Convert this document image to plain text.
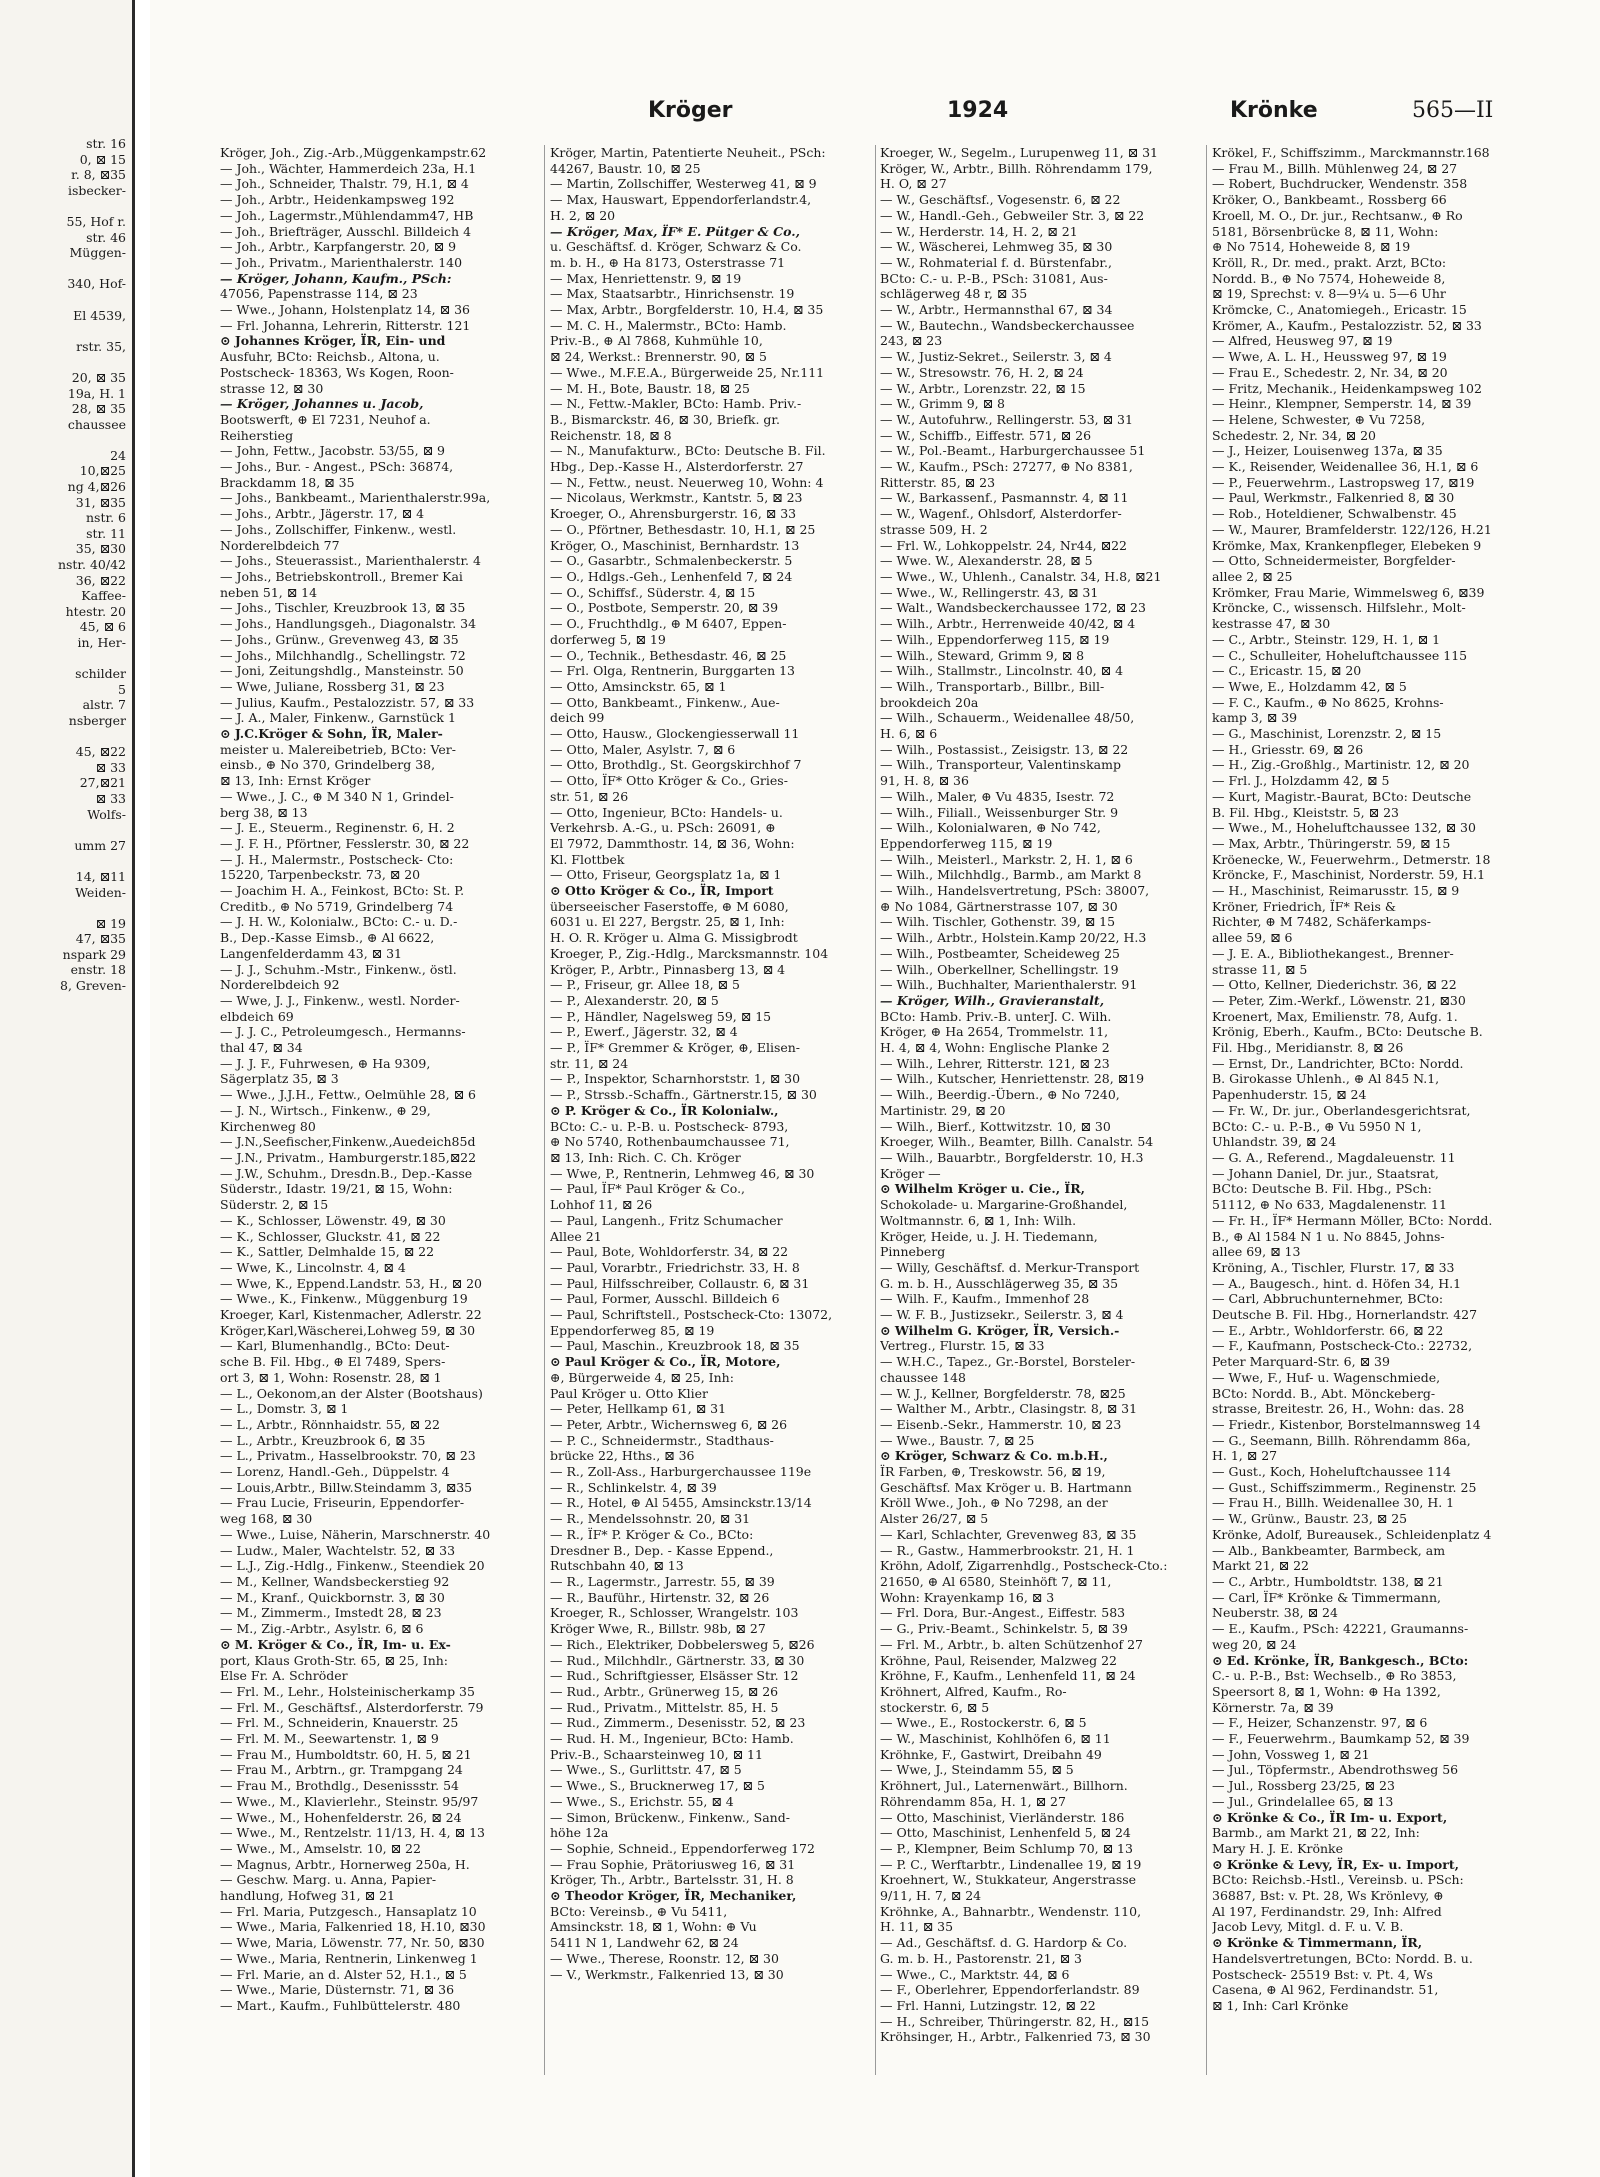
str. 16
0, ⊠ 15
r. 8, ⊠35
isbecker-

55, Hof r.
str. 46
Müggen-

340, Hof-

El 4539,

rstr. 35,

20, ⊠ 35
19a, H. 1
28, ⊠ 35
chaussee

24
10,⊠25
ng 4,⊠26
31, ⊠35
nstr. 6
str. 11
35, ⊠30
nstr. 40/42
36, ⊠22
Kaffee-
htestr. 20
45, ⊠ 6
in, Her-

schilder
5
alstr. 7
nsberger

45, ⊠22
⊠ 33
27,⊠21
⊠ 33
Wolfs-

umm 27

14, ⊠11
Weiden-

⊠ 19
47, ⊠35
nspark 29
enstr. 18
8, Greven-
Kröger	1924	Krönke	565—II
Kröger, Joh., Zig.-Arb.,Müggenkampstr.62
— Joh., Wächter, Hammerdeich 23a, H.1
— Joh., Schneider, Thalstr. 79, H.1, ⊠ 4
— Joh., Arbtr., Heidenkampsweg 192
— Joh., Lagermstr.,Mühlendamm47, HB
— Joh., Briefträger, Ausschl. Billdeich 4
— Joh., Arbtr., Karpfangerstr. 20, ⊠ 9
— Joh., Privatm., Marienthalerstr. 140
— Kröger, Johann, Kaufm., PSch:
47056, Papenstrasse 114, ⊠ 23
— Wwe., Johann, Holstenplatz 14, ⊠ 36
— Frl. Johanna, Lehrerin, Ritterstr. 121
⊙ Johannes Kröger, ÏR, Ein- und
Ausfuhr, BCto: Reichsb., Altona, u.
Postscheck- 18363, Ws Kogen, Roon-
strasse 12, ⊠ 30
— Kröger, Johannes u. Jacob,
Bootswerft, ⊕ El 7231, Neuhof a.
Reiherstieg
— John, Fettw., Jacobstr. 53/55, ⊠ 9
— Johs., Bur. - Angest., PSch: 36874,
Brackdamm 18, ⊠ 35
— Johs., Bankbeamt., Marienthalerstr.99a,
— Johs., Arbtr., Jägerstr. 17, ⊠ 4
— Johs., Zollschiffer, Finkenw., westl.
Norderelbdeich 77
— Johs., Steuerassist., Marienthalerstr. 4
— Johs., Betriebskontroll., Bremer Kai
neben 51, ⊠ 14
— Johs., Tischler, Kreuzbrook 13, ⊠ 35
— Johs., Handlungsgeh., Diagonalstr. 34
— Johs., Grünw., Grevenweg 43, ⊠ 35
— Johs., Milchhandlg., Schellingstr. 72
— Joni, Zeitungshdlg., Mansteinstr. 50
— Wwe, Juliane, Rossberg 31, ⊠ 23
— Julius, Kaufm., Pestalozzistr. 57, ⊠ 33
— J. A., Maler, Finkenw., Garnstück 1
⊙ J.C.Kröger & Sohn, ÏR, Maler-
meister u. Malereibetrieb, BCto: Ver-
einsb., ⊕ No 370, Grindelberg 38,
⊠ 13, Inh: Ernst Kröger
— Wwe., J. C., ⊕ M 340 N 1, Grindel-
berg 38, ⊠ 13
— J. E., Steuerm., Reginenstr. 6, H. 2
— J. F. H., Pförtner, Fesslerstr. 30, ⊠ 22
— J. H., Malermstr., Postscheck- Cto:
15220, Tarpenbeckstr. 73, ⊠ 20
— Joachim H. A., Feinkost, BCto: St. P.
Creditb., ⊕ No 5719, Grindelberg 74
— J. H. W., Kolonialw., BCto: C.- u. D.-
B., Dep.-Kasse Eimsb., ⊕ Al 6622,
Langenfelderdamm 43, ⊠ 31
— J. J., Schuhm.-Mstr., Finkenw., östl.
Norderelbdeich 92
— Wwe, J. J., Finkenw., westl. Norder-
elbdeich 69
— J. J. C., Petroleumgesch., Hermanns-
thal 47, ⊠ 34
— J. J. F., Fuhrwesen, ⊕ Ha 9309,
Sägerplatz 35, ⊠ 3
— Wwe., J.J.H., Fettw., Oelmühle 28, ⊠ 6
— J. N., Wirtsch., Finkenw., ⊕ 29,
Kirchenweg 80
— J.N.,Seefischer,Finkenw.,Auedeich85d
— J.N., Privatm., Hamburgerstr.185,⊠22
— J.W., Schuhm., Dresdn.B., Dep.-Kasse
Süderstr., Idastr. 19/21, ⊠ 15, Wohn:
Süderstr. 2, ⊠ 15
— K., Schlosser, Löwenstr. 49, ⊠ 30
— K., Schlosser, Gluckstr. 41, ⊠ 22
— K., Sattler, Delmhalde 15, ⊠ 22
— Wwe, K., Lincolnstr. 4, ⊠ 4
— Wwe, K., Eppend.Landstr. 53, H., ⊠ 20
— Wwe., K., Finkenw., Müggenburg 19
Kroeger, Karl, Kistenmacher, Adlerstr. 22
Kröger,Karl,Wäscherei,Lohweg 59, ⊠ 30
— Karl, Blumenhandlg., BCto: Deut-
sche B. Fil. Hbg., ⊕ El 7489, Spers-
ort 3, ⊠ 1, Wohn: Rosenstr. 28, ⊠ 1
— L., Oekonom,an der Alster (Bootshaus)
— L., Domstr. 3, ⊠ 1
— L., Arbtr., Rönnhaidstr. 55, ⊠ 22
— L., Arbtr., Kreuzbrook 6, ⊠ 35
— L., Privatm., Hasselbrookstr. 70, ⊠ 23
— Lorenz, Handl.-Geh., Düppelstr. 4
— Louis,Arbtr., Billw.Steindamm 3, ⊠35
— Frau Lucie, Friseurin, Eppendorfer-
weg 168, ⊠ 30
— Wwe., Luise, Näherin, Marschnerstr. 40
— Ludw., Maler, Wachtelstr. 52, ⊠ 33
— L.J., Zig.-Hdlg., Finkenw., Steendiek 20
— M., Kellner, Wandsbeckerstieg 92
— M., Kranf., Quickbornstr. 3, ⊠ 30
— M., Zimmerm., Imstedt 28, ⊠ 23
— M., Zig.-Arbtr., Asylstr. 6, ⊠ 6
⊙ M. Kröger & Co., ÏR, Im- u. Ex-
port, Klaus Groth-Str. 65, ⊠ 25, Inh:
Else Fr. A. Schröder
— Frl. M., Lehr., Holsteinischerkamp 35
— Frl. M., Geschäftsf., Alsterdorferstr. 79
— Frl. M., Schneiderin, Knauerstr. 25
— Frl. M. M., Seewartenstr. 1, ⊠ 9
— Frau M., Humboldtstr. 60, H. 5, ⊠ 21
— Frau M., Arbtrn., gr. Trampgang 24
— Frau M., Brothdlg., Desenissstr. 54
— Wwe., M., Klavierlehr., Steinstr. 95/97
— Wwe., M., Hohenfelderstr. 26, ⊠ 24
— Wwe., M., Rentzelstr. 11/13, H. 4, ⊠ 13
— Wwe., M., Amselstr. 10, ⊠ 22
— Magnus, Arbtr., Hornerweg 250a, H.
— Geschw. Marg. u. Anna, Papier-
handlung, Hofweg 31, ⊠ 21
— Frl. Maria, Putzgesch., Hansaplatz 10
— Wwe., Maria, Falkenried 18, H.10, ⊠30
— Wwe, Maria, Löwenstr. 77, Nr. 50, ⊠30
— Wwe., Maria, Rentnerin, Linkenweg 1
— Frl. Marie, an d. Alster 52, H.1., ⊠ 5
— Wwe., Marie, Düsternstr. 71, ⊠ 36
— Mart., Kaufm., Fuhlbüttelerstr. 480
Kröger, Martin, Patentierte Neuheit., PSch:
44267, Baustr. 10, ⊠ 25
— Martin, Zollschiffer, Westerweg 41, ⊠ 9
— Max, Hauswart, Eppendorferlandstr.4,
H. 2, ⊠ 20
— Kröger, Max, ÏF* E. Pütger & Co.,
u. Geschäftsf. d. Kröger, Schwarz & Co.
m. b. H., ⊕ Ha 8173, Osterstrasse 71
— Max, Henriettenstr. 9, ⊠ 19
— Max, Staatsarbtr., Hinrichsenstr. 19
— Max, Arbtr., Borgfelderstr. 10, H.4, ⊠ 35
— M. C. H., Malermstr., BCto: Hamb.
Priv.-B., ⊕ Al 7868, Kuhmühle 10,
⊠ 24, Werkst.: Brennerstr. 90, ⊠ 5
— Wwe., M.F.E.A., Bürgerweide 25, Nr.111
— M. H., Bote, Baustr. 18, ⊠ 25
— N., Fettw.-Makler, BCto: Hamb. Priv.-
B., Bismarckstr. 46, ⊠ 30, Briefk. gr.
Reichenstr. 18, ⊠ 8
— N., Manufakturw., BCto: Deutsche B. Fil.
Hbg., Dep.-Kasse H., Alsterdorferstr. 27
— N., Fettw., neust. Neuerweg 10, Wohn: 4
— Nicolaus, Werkmstr., Kantstr. 5, ⊠ 23
Kroeger, O., Ahrensburgerstr. 16, ⊠ 33
— O., Pförtner, Bethesdastr. 10, H.1, ⊠ 25
Kröger, O., Maschinist, Bernhardstr. 13
— O., Gasarbtr., Schmalenbeckerstr. 5
— O., Hdlgs.-Geh., Lenhenfeld 7, ⊠ 24
— O., Schiffsf., Süderstr. 4, ⊠ 15
— O., Postbote, Semperstr. 20, ⊠ 39
— O., Fruchthdlg., ⊕ M 6407, Eppen-
dorferweg 5, ⊠ 19
— O., Technik., Bethesdastr. 46, ⊠ 25
— Frl. Olga, Rentnerin, Burggarten 13
— Otto, Amsinckstr. 65, ⊠ 1
— Otto, Bankbeamt., Finkenw., Aue-
deich 99
— Otto, Hausw., Glockengiesserwall 11
— Otto, Maler, Asylstr. 7, ⊠ 6
— Otto, Brothdlg., St. Georgskirchhof 7
— Otto, ÏF* Otto Kröger & Co., Gries-
str. 51, ⊠ 26
— Otto, Ingenieur, BCto: Handels- u.
Verkehrsb. A.-G., u. PSch: 26091, ⊕
El 7972, Dammthostr. 14, ⊠ 36, Wohn:
Kl. Flottbek
— Otto, Friseur, Georgsplatz 1a, ⊠ 1
⊙ Otto Kröger & Co., ÏR, Import
überseeischer Faserstoffe, ⊕ M 6080,
6031 u. El 227, Bergstr. 25, ⊠ 1, Inh:
H. O. R. Kröger u. Alma G. Missigbrodt
Kroeger, P., Zig.-Hdlg., Marcksmannstr. 104
Kröger, P., Arbtr., Pinnasberg 13, ⊠ 4
— P., Friseur, gr. Allee 18, ⊠ 5
— P., Alexanderstr. 20, ⊠ 5
— P., Händler, Nagelsweg 59, ⊠ 15
— P., Ewerf., Jägerstr. 32, ⊠ 4
— P., ÏF* Gremmer & Kröger, ⊕, Elisen-
str. 11, ⊠ 24
— P., Inspektor, Scharnhorststr. 1, ⊠ 30
— P., Strssb.-Schaffn., Gärtnerstr.15, ⊠ 30
⊙ P. Kröger & Co., ÏR Kolonialw.,
BCto: C.- u. P.-B. u. Postscheck- 8793,
⊕ No 5740, Rothenbaumchaussee 71,
⊠ 13, Inh: Rich. C. Ch. Kröger
— Wwe, P., Rentnerin, Lehmweg 46, ⊠ 30
— Paul, ÏF* Paul Kröger & Co.,
Lohhof 11, ⊠ 26
— Paul, Langenh., Fritz Schumacher
Allee 21
— Paul, Bote, Wohldorferstr. 34, ⊠ 22
— Paul, Vorarbtr., Friedrichstr. 33, H. 8
— Paul, Hilfsschreiber, Collaustr. 6, ⊠ 31
— Paul, Former, Ausschl. Billdeich 6
— Paul, Schriftstell., Postscheck-Cto: 13072,
Eppendorferweg 85, ⊠ 19
— Paul, Maschin., Kreuzbrook 18, ⊠ 35
⊙ Paul Kröger & Co., ÏR, Motore,
⊕, Bürgerweide 4, ⊠ 25, Inh:
Paul Kröger u. Otto Klier
— Peter, Hellkamp 61, ⊠ 31
— Peter, Arbtr., Wichernsweg 6, ⊠ 26
— P. C., Schneidermstr., Stadthaus-
brücke 22, Hths., ⊠ 36
— R., Zoll-Ass., Harburgerchaussee 119e
— R., Schlinkelstr. 4, ⊠ 39
— R., Hotel, ⊕ Al 5455, Amsinckstr.13/14
— R., Mendelssohnstr. 20, ⊠ 31
— R., ÏF* P. Kröger & Co., BCto:
Dresdner B., Dep. - Kasse Eppend.,
Rutschbahn 40, ⊠ 13
— R., Lagermstr., Jarrestr. 55, ⊠ 39
— R., Bauführ., Hirtenstr. 32, ⊠ 26
Kroeger, R., Schlosser, Wrangelstr. 103
Kröger Wwe, R., Billstr. 98b, ⊠ 27
— Rich., Elektriker, Dobbelersweg 5, ⊠26
— Rud., Milchhdlr., Gärtnerstr. 33, ⊠ 30
— Rud., Schriftgiesser, Elsässer Str. 12
— Rud., Arbtr., Grünerweg 15, ⊠ 26
— Rud., Privatm., Mittelstr. 85, H. 5
— Rud., Zimmerm., Desenisstr. 52, ⊠ 23
— Rud. H. M., Ingenieur, BCto: Hamb.
Priv.-B., Schaarsteinweg 10, ⊠ 11
— Wwe., S., Gurlittstr. 47, ⊠ 5
— Wwe., S., Brucknerweg 17, ⊠ 5
— Wwe., S., Erichstr. 55, ⊠ 4
— Simon, Brückenw., Finkenw., Sand-
höhe 12a
— Sophie, Schneid., Eppendorferweg 172
— Frau Sophie, Prätoriusweg 16, ⊠ 31
Kröger, Th., Arbtr., Bartelsstr. 31, H. 8
⊙ Theodor Kröger, ÏR, Mechaniker,
BCto: Vereinsb., ⊕ Vu 5411,
Amsinckstr. 18, ⊠ 1, Wohn: ⊕ Vu
5411 N 1, Landwehr 62, ⊠ 24
— Wwe., Therese, Roonstr. 12, ⊠ 30
— V., Werkmstr., Falkenried 13, ⊠ 30
Kroeger, W., Segelm., Lurupenweg 11, ⊠ 31
Kröger, W., Arbtr., Billh. Röhrendamm 179,
H. O, ⊠ 27
— W., Geschäftsf., Vogesenstr. 6, ⊠ 22
— W., Handl.-Geh., Gebweiler Str. 3, ⊠ 22
— W., Herderstr. 14, H. 2, ⊠ 21
— W., Wäscherei, Lehmweg 35, ⊠ 30
— W., Rohmaterial f. d. Bürstenfabr.,
BCto: C.- u. P.-B., PSch: 31081, Aus-
schlägerweg 48 r, ⊠ 35
— W., Arbtr., Hermannsthal 67, ⊠ 34
— W., Bautechn., Wandsbeckerchaussee
243, ⊠ 23
— W., Justiz-Sekret., Seilerstr. 3, ⊠ 4
— W., Stresowstr. 76, H. 2, ⊠ 24
— W., Arbtr., Lorenzstr. 22, ⊠ 15
— W., Grimm 9, ⊠ 8
— W., Autofuhrw., Rellingerstr. 53, ⊠ 31
— W., Schiffb., Eiffestr. 571, ⊠ 26
— W., Pol.-Beamt., Harburgerchaussee 51
— W., Kaufm., PSch: 27277, ⊕ No 8381,
Ritterstr. 85, ⊠ 23
— W., Barkassenf., Pasmannstr. 4, ⊠ 11
— W., Wagenf., Ohlsdorf, Alsterdorfer-
strasse 509, H. 2
— Frl. W., Lohkoppelstr. 24, Nr44, ⊠22
— Wwe. W., Alexanderstr. 28, ⊠ 5
— Wwe., W., Uhlenh., Canalstr. 34, H.8, ⊠21
— Wwe., W., Rellingerstr. 43, ⊠ 31
— Walt., Wandsbeckerchaussee 172, ⊠ 23
— Wilh., Arbtr., Herrenweide 40/42, ⊠ 4
— Wilh., Eppendorferweg 115, ⊠ 19
— Wilh., Steward, Grimm 9, ⊠ 8
— Wilh., Stallmstr., Lincolnstr. 40, ⊠ 4
— Wilh., Transportarb., Billbr., Bill-
brookdeich 20a
— Wilh., Schauerm., Weidenallee 48/50,
H. 6, ⊠ 6
— Wilh., Postassist., Zeisigstr. 13, ⊠ 22
— Wilh., Transporteur, Valentinskamp
91, H. 8, ⊠ 36
— Wilh., Maler, ⊕ Vu 4835, Isestr. 72
— Wilh., Filiall., Weissenburger Str. 9
— Wilh., Kolonialwaren, ⊕ No 742,
Eppendorferweg 115, ⊠ 19
— Wilh., Meisterl., Markstr. 2, H. 1, ⊠ 6
— Wilh., Milchhdlg., Barmb., am Markt 8
— Wilh., Handelsvertretung, PSch: 38007,
⊕ No 1084, Gärtnerstrasse 107, ⊠ 30
— Wilh. Tischler, Gothenstr. 39, ⊠ 15
— Wilh., Arbtr., Holstein.Kamp 20/22, H.3
— Wilh., Postbeamter, Scheideweg 25
— Wilh., Oberkellner, Schellingstr. 19
— Wilh., Buchhalter, Marienthalerstr. 91
— Kröger, Wilh., Gravieranstalt,
BCto: Hamb. Priv.-B. unterJ. C. Wilh.
Kröger, ⊕ Ha 2654, Trommelstr. 11,
H. 4, ⊠ 4, Wohn: Englische Planke 2
— Wilh., Lehrer, Ritterstr. 121, ⊠ 23
— Wilh., Kutscher, Henriettenstr. 28, ⊠19
— Wilh., Beerdig.-Übern., ⊕ No 7240,
Martinistr. 29, ⊠ 20
— Wilh., Bierf., Kottwitzstr. 10, ⊠ 30
Kroeger, Wilh., Beamter, Billh. Canalstr. 54
— Wilh., Bauarbtr., Borgfelderstr. 10, H.3
Kröger —
⊙ Wilhelm Kröger u. Cie., ÏR,
Schokolade- u. Margarine-Großhandel,
Woltmannstr. 6, ⊠ 1, Inh: Wilh.
Kröger, Heide, u. J. H. Tiedemann,
Pinneberg
— Willy, Geschäftsf. d. Merkur-Transport
G. m. b. H., Ausschlägerweg 35, ⊠ 35
— Wilh. F., Kaufm., Immenhof 28
— W. F. B., Justizsekr., Seilerstr. 3, ⊠ 4
⊙ Wilhelm G. Kröger, ÏR, Versich.-
Vertreg., Flurstr. 15, ⊠ 33
— W.H.C., Tapez., Gr.-Borstel, Borsteler-
chaussee 148
— W. J., Kellner, Borgfelderstr. 78, ⊠25
— Walther M., Arbtr., Clasingstr. 8, ⊠ 31
— Eisenb.-Sekr., Hammerstr. 10, ⊠ 23
— Wwe., Baustr. 7, ⊠ 25
⊙ Kröger, Schwarz & Co. m.b.H.,
ÏR Farben, ⊕, Treskowstr. 56, ⊠ 19,
Geschäftsf. Max Kröger u. B. Hartmann
Kröll Wwe., Joh., ⊕ No 7298, an der
Alster 26/27, ⊠ 5
— Karl, Schlachter, Grevenweg 83, ⊠ 35
— R., Gastw., Hammerbrookstr. 21, H. 1
Kröhn, Adolf, Zigarrenhdlg., Postscheck-Cto.:
21650, ⊕ Al 6580, Steinhöft 7, ⊠ 11,
Wohn: Krayenkamp 16, ⊠ 3
— Frl. Dora, Bur.-Angest., Eiffestr. 583
— G., Priv.-Beamt., Schinkelstr. 5, ⊠ 39
— Frl. M., Arbtr., b. alten Schützenhof 27
Kröhne, Paul, Reisender, Malzweg 22
Kröhne, F., Kaufm., Lenhenfeld 11, ⊠ 24
Kröhnert, Alfred, Kaufm., Ro-
stockerstr. 6, ⊠ 5
— Wwe., E., Rostockerstr. 6, ⊠ 5
— W., Maschinist, Kohlhöfen 6, ⊠ 11
Kröhnke, F., Gastwirt, Dreibahn 49
— Wwe, J., Steindamm 55, ⊠ 5
Kröhnert, Jul., Laternenwärt., Billhorn.
Röhrendamm 85a, H. 1, ⊠ 27
— Otto, Maschinist, Vierländerstr. 186
— Otto, Maschinist, Lenhenfeld 5, ⊠ 24
— P., Klempner, Beim Schlump 70, ⊠ 13
— P. C., Werftarbtr., Lindenallee 19, ⊠ 19
Kroehnert, W., Stukkateur, Angerstrasse
9/11, H. 7, ⊠ 24
Kröhnke, A., Bahnarbtr., Wendenstr. 110,
H. 11, ⊠ 35
— Ad., Geschäftsf. d. G. Hardorp & Co.
G. m. b. H., Pastorenstr. 21, ⊠ 3
— Wwe., C., Marktstr. 44, ⊠ 6
— F., Oberlehrer, Eppendorferlandstr. 89
— Frl. Hanni, Lutzingstr. 12, ⊠ 22
— H., Schreiber, Thüringerstr. 82, H., ⊠15
Kröhsinger, H., Arbtr., Falkenried 73, ⊠ 30
Krökel, F., Schiffszimm., Marckmannstr.168
— Frau M., Billh. Mühlenweg 24, ⊠ 27
— Robert, Buchdrucker, Wendenstr. 358
Kröker, O., Bankbeamt., Rossberg 66
Kroell, M. O., Dr. jur., Rechtsanw., ⊕ Ro
5181, Börsenbrücke 8, ⊠ 11, Wohn:
⊕ No 7514, Hoheweide 8, ⊠ 19
Kröll, R., Dr. med., prakt. Arzt, BCto:
Nordd. B., ⊕ No 7574, Hoheweide 8,
⊠ 19, Sprechst: v. 8—9¼ u. 5—6 Uhr
Krömcke, C., Anatomiegeh., Ericastr. 15
Krömer, A., Kaufm., Pestalozzistr. 52, ⊠ 33
— Alfred, Heusweg 97, ⊠ 19
— Wwe, A. L. H., Heussweg 97, ⊠ 19
— Frau E., Schedestr. 2, Nr. 34, ⊠ 20
— Fritz, Mechanik., Heidenkampsweg 102
— Heinr., Klempner, Semperstr. 14, ⊠ 39
— Helene, Schwester, ⊕ Vu 7258,
Schedestr. 2, Nr. 34, ⊠ 20
— J., Heizer, Louisenweg 137a, ⊠ 35
— K., Reisender, Weidenallee 36, H.1, ⊠ 6
— P., Feuerwehrm., Lastropsweg 17, ⊠19
— Paul, Werkmstr., Falkenried 8, ⊠ 30
— Rob., Hoteldiener, Schwalbenstr. 45
— W., Maurer, Bramfelderstr. 122/126, H.21
Krömke, Max, Krankenpfleger, Elebeken 9
— Otto, Schneidermeister, Borgfelder-
allee 2, ⊠ 25
Krömker, Frau Marie, Wimmelsweg 6, ⊠39
Kröncke, C., wissensch. Hilfslehr., Molt-
kestrasse 47, ⊠ 30
— C., Arbtr., Steinstr. 129, H. 1, ⊠ 1
— C., Schulleiter, Hoheluftchaussee 115
— C., Ericastr. 15, ⊠ 20
— Wwe, E., Holzdamm 42, ⊠ 5
— F. C., Kaufm., ⊕ No 8625, Krohns-
kamp 3, ⊠ 39
— G., Maschinist, Lorenzstr. 2, ⊠ 15
— H., Griesstr. 69, ⊠ 26
— H., Zig.-Großhlg., Martinistr. 12, ⊠ 20
— Frl. J., Holzdamm 42, ⊠ 5
— Kurt, Magistr.-Baurat, BCto: Deutsche
B. Fil. Hbg., Kleiststr. 5, ⊠ 23
— Wwe., M., Hoheluftchaussee 132, ⊠ 30
— Max, Arbtr., Thüringerstr. 59, ⊠ 15
Kröenecke, W., Feuerwehrm., Detmerstr. 18
Kröncke, F., Maschinist, Norderstr. 59, H.1
— H., Maschinist, Reimarusstr. 15, ⊠ 9
Kröner, Friedrich, ÏF* Reis &
Richter, ⊕ M 7482, Schäferkamps-
allee 59, ⊠ 6
— J. E. A., Bibliothekangest., Brenner-
strasse 11, ⊠ 5
— Otto, Kellner, Diederichstr. 36, ⊠ 22
— Peter, Zim.-Werkf., Löwenstr. 21, ⊠30
Kroenert, Max, Emilienstr. 78, Aufg. 1.
Krönig, Eberh., Kaufm., BCto: Deutsche B.
Fil. Hbg., Meridianstr. 8, ⊠ 26
— Ernst, Dr., Landrichter, BCto: Nordd.
B. Girokasse Uhlenh., ⊕ Al 845 N.1,
Papenhuderstr. 15, ⊠ 24
— Fr. W., Dr. jur., Oberlandesgerichtsrat,
BCto: C.- u. P.-B., ⊕ Vu 5950 N 1,
Uhlandstr. 39, ⊠ 24
— G. A., Referend., Magdaleuenstr. 11
— Johann Daniel, Dr. jur., Staatsrat,
BCto: Deutsche B. Fil. Hbg., PSch:
51112, ⊕ No 633, Magdalenenstr. 11
— Fr. H., ÏF* Hermann Möller, BCto: Nordd.
B., ⊕ Al 1584 N 1 u. No 8845, Johns-
allee 69, ⊠ 13
Kröning, A., Tischler, Flurstr. 17, ⊠ 33
— A., Baugesch., hint. d. Höfen 34, H.1
— Carl, Abbruchunternehmer, BCto:
Deutsche B. Fil. Hbg., Hornerlandstr. 427
— E., Arbtr., Wohldorferstr. 66, ⊠ 22
— F., Kaufmann, Postscheck-Cto.: 22732,
Peter Marquard-Str. 6, ⊠ 39
— Wwe, F., Huf- u. Wagenschmiede,
BCto: Nordd. B., Abt. Mönckeberg-
strasse, Breitestr. 26, H., Wohn: das. 28
— Friedr., Kistenbor, Borstelmannsweg 14
— G., Seemann, Billh. Röhrendamm 86a,
H. 1, ⊠ 27
— Gust., Koch, Hoheluftchaussee 114
— Gust., Schiffszimmerm., Reginenstr. 25
— Frau H., Billh. Weidenallee 30, H. 1
— W., Grünw., Baustr. 23, ⊠ 25
Krönke, Adolf, Bureausek., Schleidenplatz 4
— Alb., Bankbeamter, Barmbeck, am
Markt 21, ⊠ 22
— C., Arbtr., Humboldtstr. 138, ⊠ 21
— Carl, ÏF* Krönke & Timmermann,
Neuberstr. 38, ⊠ 24
— E., Kaufm., PSch: 42221, Graumanns-
weg 20, ⊠ 24
⊙ Ed. Krönke, ÏR, Bankgesch., BCto:
C.- u. P.-B., Bst: Wechselb., ⊕ Ro 3853,
Speersort 8, ⊠ 1, Wohn: ⊕ Ha 1392,
Körnerstr. 7a, ⊠ 39
— F., Heizer, Schanzenstr. 97, ⊠ 6
— F., Feuerwehrm., Baumkamp 52, ⊠ 39
— John, Vossweg 1, ⊠ 21
— Jul., Töpfermstr., Abendrothsweg 56
— Jul., Rossberg 23/25, ⊠ 23
— Jul., Grindelallee 65, ⊠ 13
⊙ Krönke & Co., ÏR Im- u. Export,
Barmb., am Markt 21, ⊠ 22, Inh:
Mary H. J. E. Krönke
⊙ Krönke & Levy, ÏR, Ex- u. Import,
BCto: Reichsb.-Hstl., Vereinsb. u. PSch:
36887, Bst: v. Pt. 28, Ws Krönlevy, ⊕
Al 197, Ferdinandstr. 29, Inh: Alfred
Jacob Levy, Mitgl. d. F. u. V. B.
⊙ Krönke & Timmermann, ÏR,
Handelsvertretungen, BCto: Nordd. B. u.
Postscheck- 25519 Bst: v. Pt. 4, Ws
Casena, ⊕ Al 962, Ferdinandstr. 51,
⊠ 1, Inh: Carl Krönke
